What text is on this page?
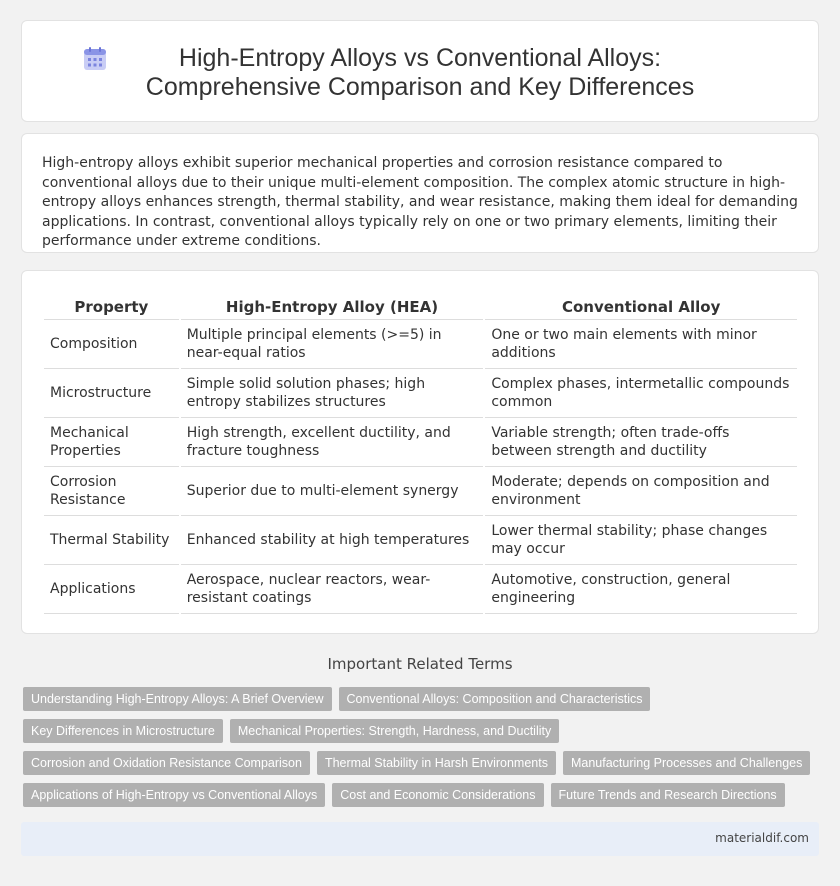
High-Entropy Alloys vs Conventional Alloys: Comprehensive Comparison and Key Differences

High-entropy alloys exhibit superior mechanical properties and corrosion resistance compared to conventional alloys due to their unique multi-element composition. The complex atomic structure in high-entropy alloys enhances strength, thermal stability, and wear resistance, making them ideal for demanding applications. In contrast, conventional alloys typically rely on one or two primary elements, limiting their performance under extreme conditions.

Property	High-Entropy Alloy (HEA)	Conventional Alloy
Composition	Multiple principal elements (>=5) in near-equal ratios	One or two main elements with minor additions
Microstructure	Simple solid solution phases; high entropy stabilizes structures	Complex phases, intermetallic compounds common
Mechanical Properties	High strength, excellent ductility, and fracture toughness	Variable strength; often trade-offs between strength and ductility
Corrosion Resistance	Superior due to multi-element synergy	Moderate; depends on composition and environment
Thermal Stability	Enhanced stability at high temperatures	Lower thermal stability; phase changes may occur
Applications	Aerospace, nuclear reactors, wear-resistant coatings	Automotive, construction, general engineering
Important Related Terms
Understanding High-Entropy Alloys: A Brief Overview	Conventional Alloys: Composition and Characteristics
Key Differences in Microstructure	Mechanical Properties: Strength, Hardness, and Ductility
Corrosion and Oxidation Resistance Comparison	Thermal Stability in Harsh Environments	Manufacturing Processes and Challenges
Applications of High-Entropy vs Conventional Alloys	Cost and Economic Considerations	Future Trends and Research Directions
materialdif.com
